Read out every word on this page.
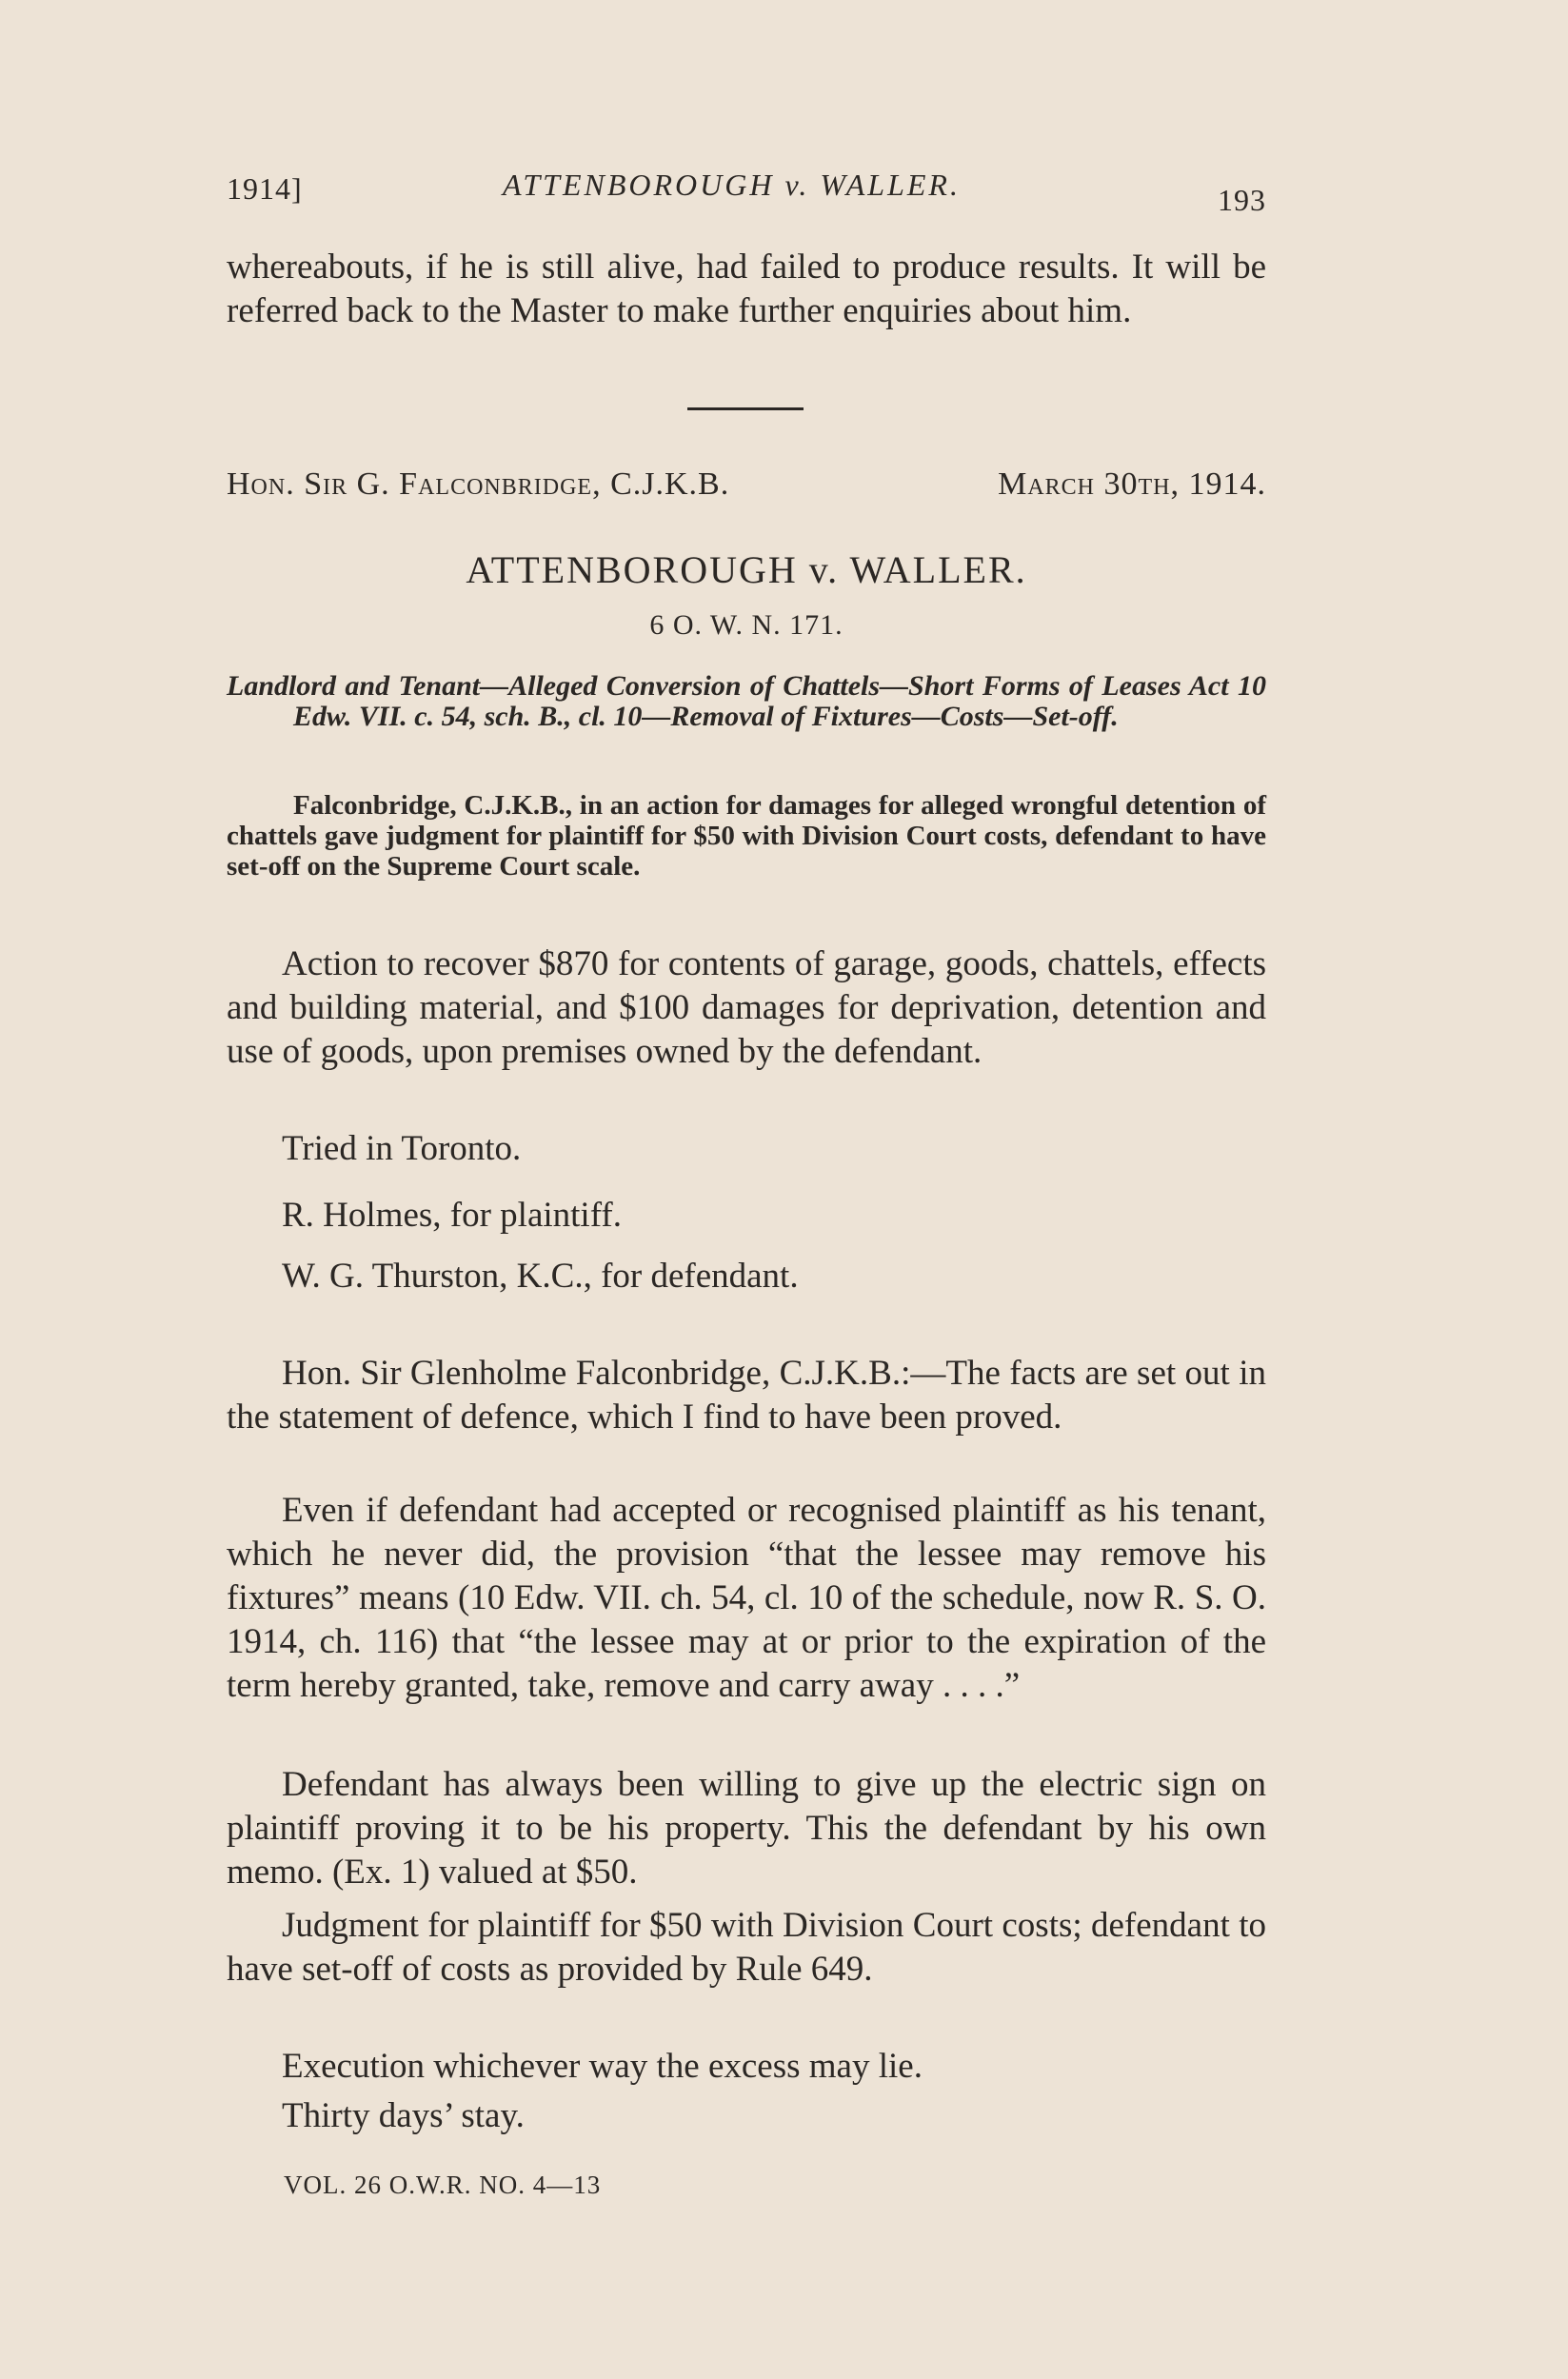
1914]	ATTENBOROUGH v. WALLER.	193

whereabouts, if he is still alive, had failed to produce results. It will be referred back to the Master to make further enquiries about him.

Hon. Sir G. Falconbridge, C.J.K.B.	March 30th, 1914.
ATTENBOROUGH v. WALLER.
6 O. W. N. 171.

Landlord and Tenant—Alleged Conversion of Chattels—Short Forms of Leases Act 10 Edw. VII. c. 54, sch. B., cl. 10—Removal of Fixtures—Costs—Set-off.

Falconbridge, C.J.K.B., in an action for damages for alleged wrongful detention of chattels gave judgment for plaintiff for $50 with Division Court costs, defendant to have set-off on the Supreme Court scale.

Action to recover $870 for contents of garage, goods, chattels, effects and building material, and $100 damages for deprivation, detention and use of goods, upon premises owned by the defendant.

Tried in Toronto.

R. Holmes, for plaintiff.

W. G. Thurston, K.C., for defendant.

Hon. Sir Glenholme Falconbridge, C.J.K.B.:—The facts are set out in the statement of defence, which I find to have been proved.

Even if defendant had accepted or recognised plaintiff as his tenant, which he never did, the provision “that the lessee may remove his fixtures” means (10 Edw. VII. ch. 54, cl. 10 of the schedule, now R. S. O. 1914, ch. 116) that “the lessee may at or prior to the expiration of the term hereby granted, take, remove and carry away . . . .”

Defendant has always been willing to give up the electric sign on plaintiff proving it to be his property. This the defendant by his own memo. (Ex. 1) valued at $50.

Judgment for plaintiff for $50 with Division Court costs; defendant to have set-off of costs as provided by Rule 649.

Execution whichever way the excess may lie.

Thirty days’ stay.

VOL. 26 O.W.R. NO. 4—13
